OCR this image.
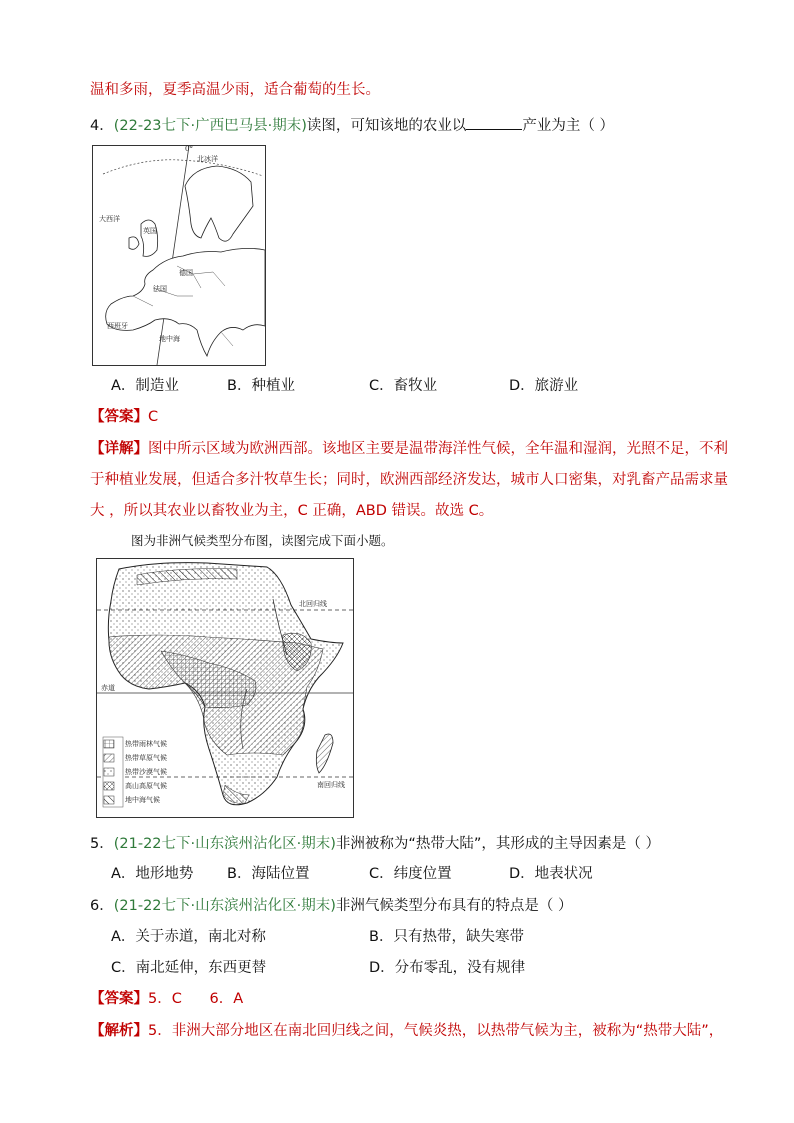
温和多雨，夏季高温少雨，适合葡萄的生长。
4．(22-23七下·广西巴马县·期末)读图，可知该地的农业以	产业为主（ ）
0°
北冰洋
大西洋
英国
德国
法国
西班牙
地中海
A．制造业	B．种植业	C．畜牧业	D．旅游业
【答案】C
【详解】图中所示区域为欧洲西部。该地区主要是温带海洋性气候，全年温和湿润，光照不足，不利
于种植业发展，但适合多汁牧草生长；同时，欧洲西部经济发达，城市人口密集，对乳畜产品需求量
大 ，所以其农业以畜牧业为主，C 正确，ABD 错误。故选 C。
图为非洲气候类型分布图，读图完成下面小题。
北回归线
赤道
南回归线
热带雨林气候
热带草原气候
热带沙漠气候
高山高原气候
地中海气候
5．(21-22七下·山东滨州沾化区·期末)非洲被称为“热带大陆”，其形成的主导因素是（ ）
A．地形地势 B．海陆位置	C．纬度位置	D．地表状况
6．(21-22七下·山东滨州沾化区·期末)非洲气候类型分布具有的特点是（ ）
A．关于赤道，南北对称	B．只有热带，缺失寒带
C．南北延伸，东西更替	D．分布零乱，没有规律
【答案】5．C      6．A
【解析】5．非洲大部分地区在南北回归线之间，气候炎热，以热带气候为主，被称为“热带大陆”，
